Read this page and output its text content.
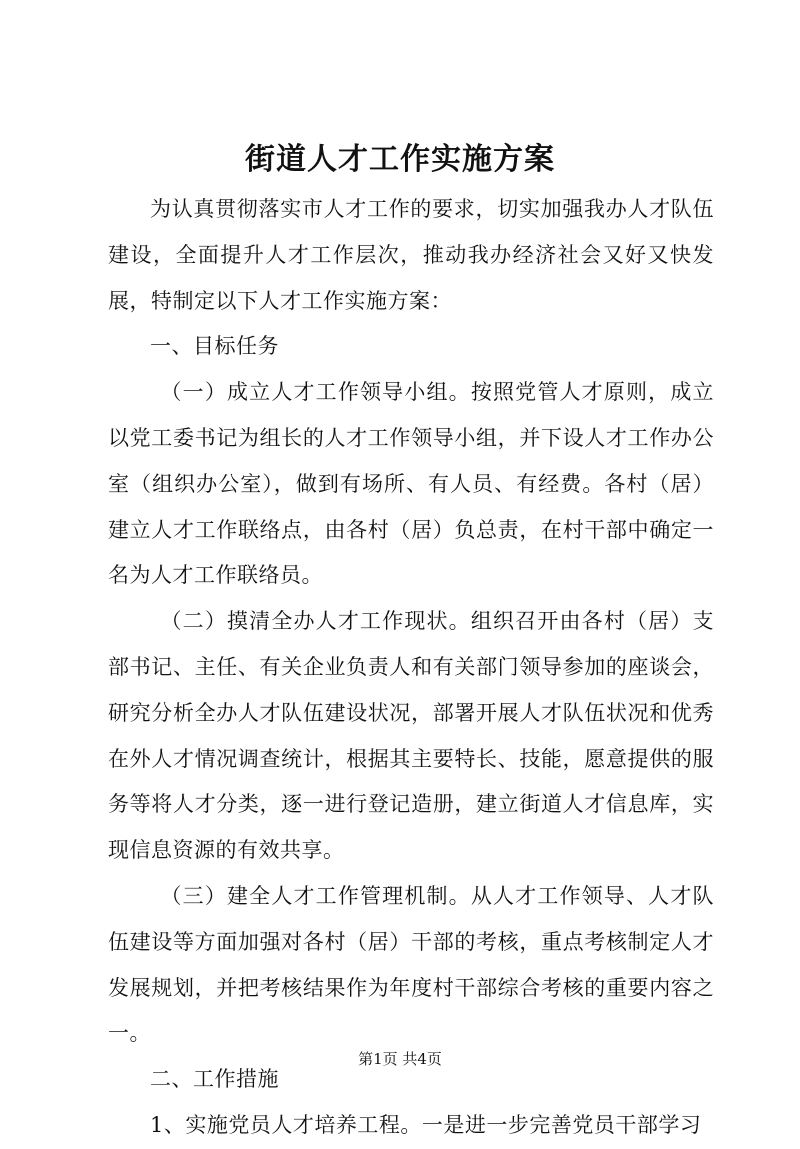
街道人才工作实施方案

为认真贯彻落实市人才工作的要求，切实加强我办人才队伍建设，全面提升人才工作层次，推动我办经济社会又好又快发展，特制定以下人才工作实施方案：

一、目标任务

（一）成立人才工作领导小组。按照党管人才原则，成立以党工委书记为组长的人才工作领导小组，并下设人才工作办公室（组织办公室），做到有场所、有人员、有经费。各村（居）建立人才工作联络点，由各村（居）负总责，在村干部中确定一名为人才工作联络员。

（二）摸清全办人才工作现状。组织召开由各村（居）支部书记、主任、有关企业负责人和有关部门领导参加的座谈会，研究分析全办人才队伍建设状况，部署开展人才队伍状况和优秀在外人才情况调查统计，根据其主要特长、技能，愿意提供的服务等将人才分类，逐一进行登记造册，建立街道人才信息库，实现信息资源的有效共享。

（三）建全人才工作管理机制。从人才工作领导、人才队伍建设等方面加强对各村（居）干部的考核，重点考核制定人才发展规划，并把考核结果作为年度村干部综合考核的重要内容之一。

二、工作措施

1、实施党员人才培养工程。一是进一步完善党员干部学习

第1页 共4页
